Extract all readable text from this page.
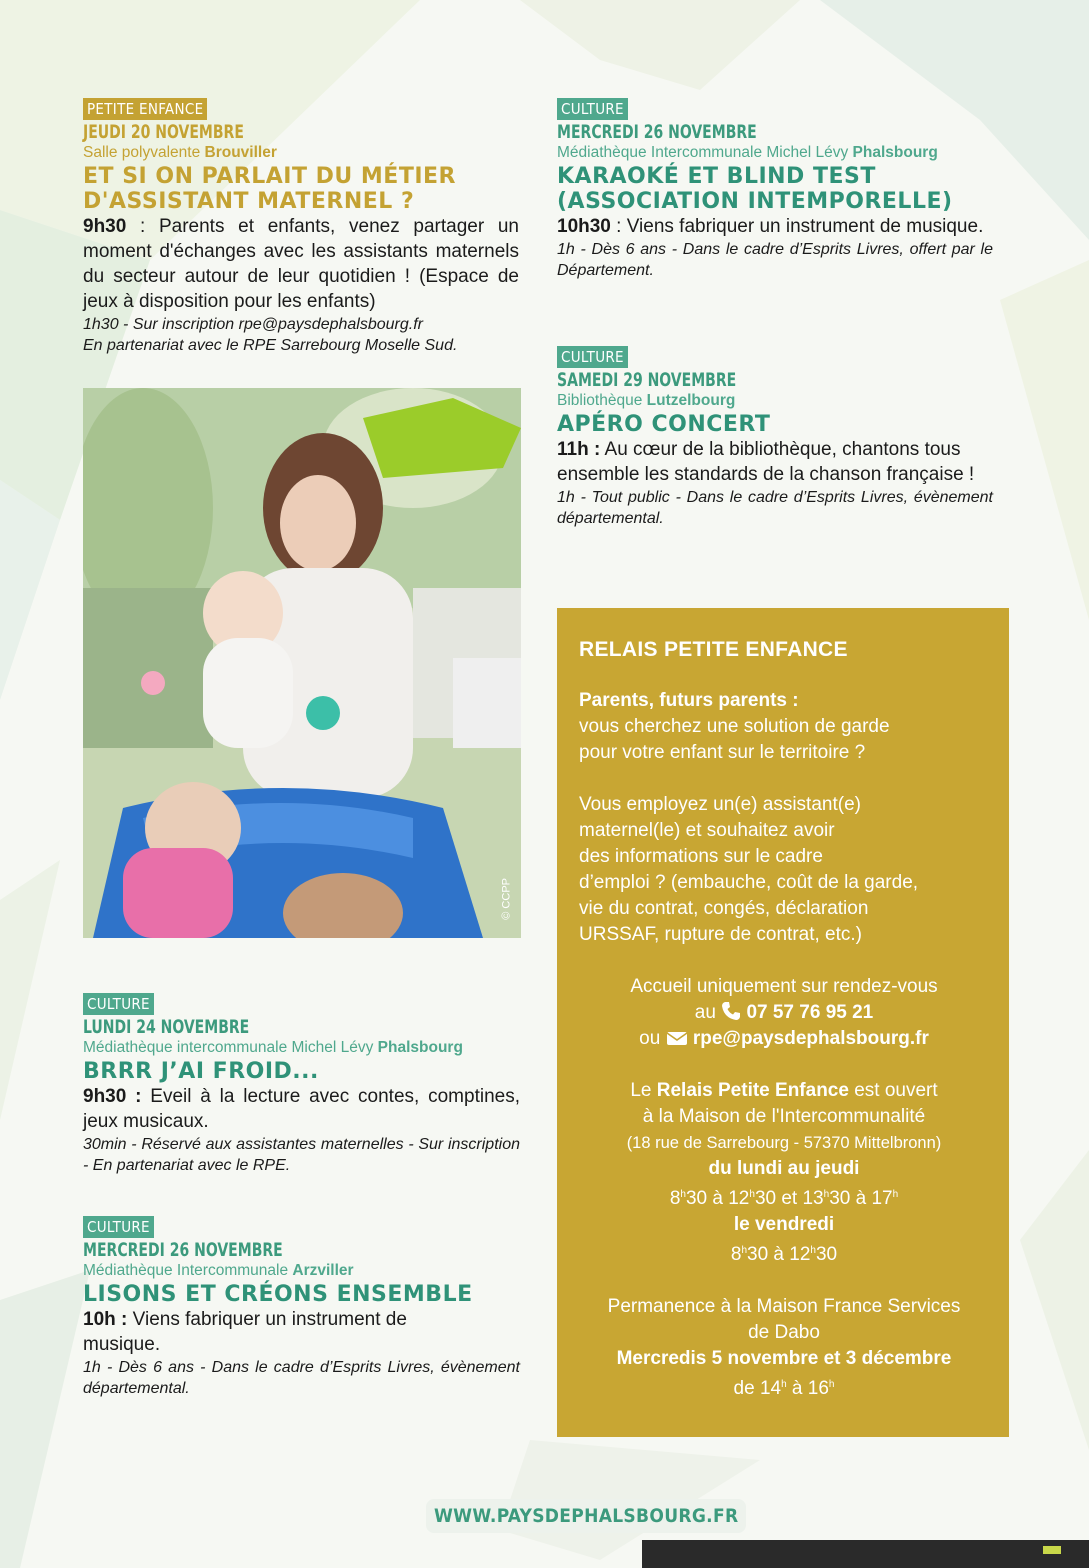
PETITE ENFANCE
JEUDI 20 NOVEMBRE
Salle polyvalente Brouviller
ET SI ON PARLAIT DU MÉTIER
D'ASSISTANT MATERNEL ?
9h30 : Parents et enfants, venez partager un moment d'échanges avec les assistants maternels du secteur autour de leur quotidien ! (Espace de jeux à disposition pour les enfants)
1h30 - Sur inscription rpe@paysdephalsbourg.fr
En partenariat avec le RPE Sarrebourg Moselle Sud.
© CCPP
CULTURE
MERCREDI 26 NOVEMBRE
Médiathèque Intercommunale Michel Lévy Phalsbourg
KARAOKÉ ET BLIND TEST
(ASSOCIATION INTEMPORELLE)
10h30 : Viens fabriquer un instrument de musique.
1h - Dès 6 ans - Dans le cadre d’Esprits Livres, offert par le Département.
CULTURE
SAMEDI 29 NOVEMBRE
Bibliothèque Lutzelbourg
APÉRO CONCERT
11h : Au cœur de la bibliothèque, chantons tous ensemble les standards de la chanson française !
1h - Tout public - Dans le cadre d’Esprits Livres, évènement départemental.
CULTURE
LUNDI 24 NOVEMBRE
Médiathèque intercommunale Michel Lévy Phalsbourg
BRRR J’AI FROID...
9h30 : Eveil à la lecture avec contes, comptines, jeux musicaux.
30min - Réservé aux assistantes maternelles - Sur inscription - En partenariat avec le RPE.
CULTURE
MERCREDI 26 NOVEMBRE
Médiathèque Intercommunale Arzviller
LISONS ET CRÉONS ENSEMBLE
10h : Viens fabriquer un instrument de musique.
1h - Dès 6 ans - Dans le cadre d’Esprits Livres, évènement départemental.
RELAIS PETITE ENFANCE

Parents, futurs parents :

vous cherchez une solution de garde
pour votre enfant sur le territoire ?

Vous employez un(e) assistant(e)
maternel(le) et souhaitez avoir
des informations sur le cadre
d’emploi ? (embauche, coût de la garde,
vie du contrat, congés, déclaration
URSSAF, rupture de contrat, etc.)

Accueil uniquement sur rendez-vous

au 07 57 76 95 21

ou rpe@paysdephalsbourg.fr

Le Relais Petite Enfance est ouvert

à la Maison de l'Intercommunalité

(18 rue de Sarrebourg - 57370 Mittelbronn)

du lundi au jeudi

8$^h$30 à 12$^h$30 et 13$^h$30 à 17$^h$

le vendredi

8$^h$30 à 12$^h$30

Permanence à la Maison France Services
de Dabo

Mercredis 5 novembre et 3 décembre

de 14$^h$ à 16$^h$

WWW.PAYSDEPHALSBOURG.FR
